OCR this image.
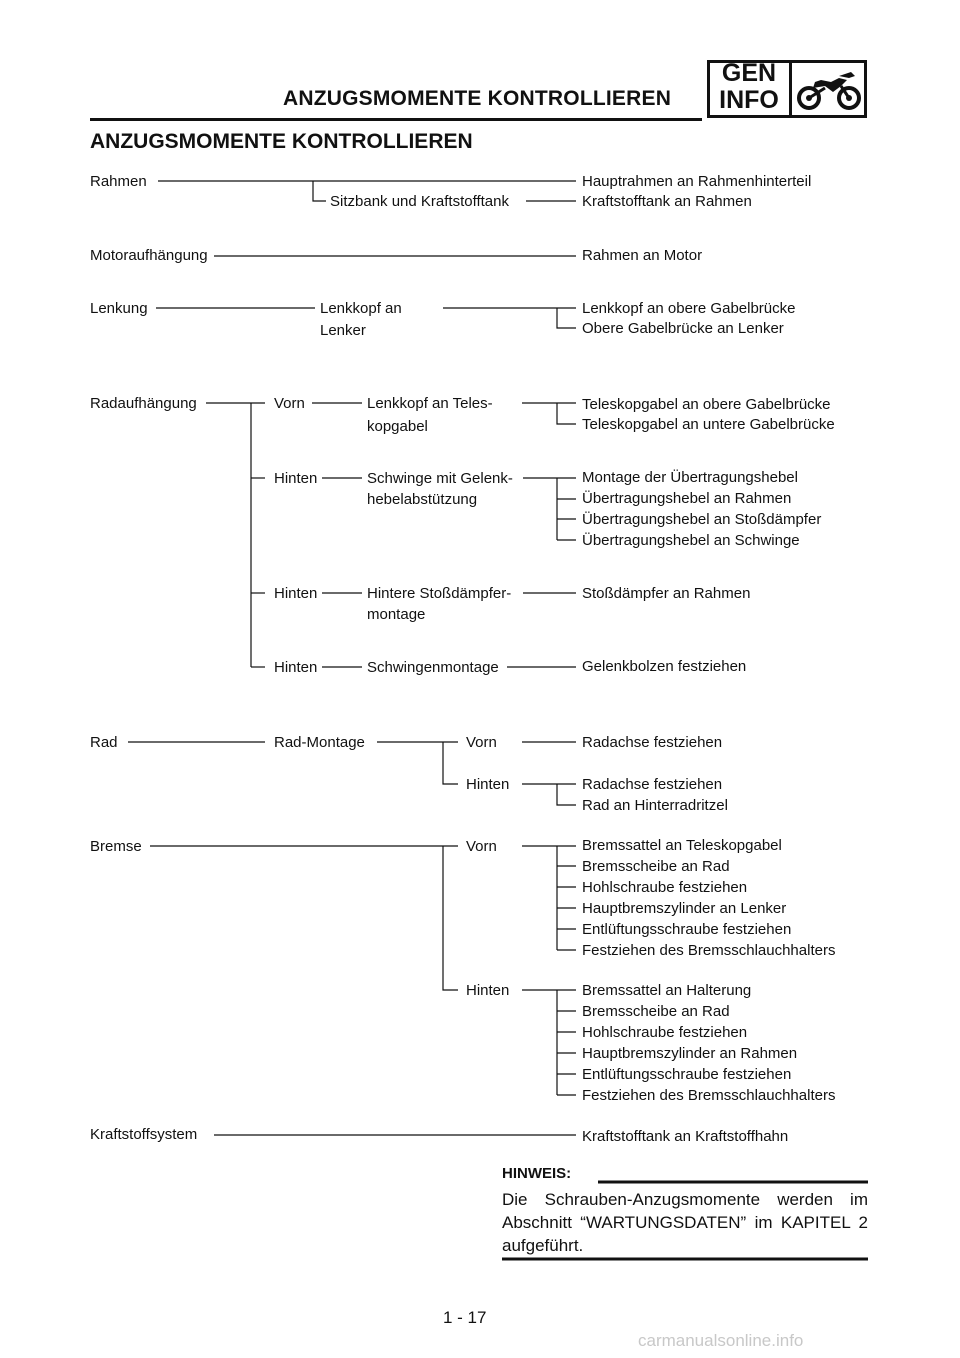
ANZUGSMOMENTE KONTROLLIEREN
GEN
INFO
ANZUGSMOMENTE KONTROLLIEREN
Rahmen
Sitzbank und Kraftstofftank
Hauptrahmen an Rahmenhinterteil
Kraftstofftank an Rahmen
Motoraufhängung	Rahmen an Motor
Lenkung	Lenkkopf an
Lenker
Lenkkopf an obere Gabelbrücke
Obere Gabelbrücke an Lenker
Radaufhängung	Vorn	Lenkkopf an Teles-
kopgabel
Teleskopgabel an obere Gabelbrücke
Teleskopgabel an untere Gabelbrücke
Hinten	Schwinge mit Gelenk-
hebelabstützung
Montage der Übertragungshebel
Übertragungshebel an Rahmen
Übertragungshebel an Stoßdämpfer
Übertragungshebel an Schwinge
Hinten	Hintere Stoßdämpfer-
montage
Stoßdämpfer an Rahmen
Hinten	Schwingenmontage	Gelenkbolzen festziehen
Rad	Rad-Montage	Vorn
Hinten
Radachse festziehen
Radachse festziehen
Rad an Hinterradritzel
Bremse	Vorn	Bremssattel an Teleskopgabel
Bremsscheibe an Rad
Hohlschraube festziehen
Hauptbremszylinder an Lenker
Entlüftungsschraube festziehen
Festziehen des Bremsschlauchhalters
Hinten	Bremssattel an Halterung
Bremsscheibe an Rad
Hohlschraube festziehen
Hauptbremszylinder an Rahmen
Entlüftungsschraube festziehen
Festziehen des Bremsschlauchhalters
Kraftstoffsystem	Kraftstofftank an Kraftstoffhahn
HINWEIS:
Die Schrauben-Anzugsmomente werden im Abschnitt “WARTUNGSDATEN” im KAPITEL 2 aufgeführt.
1 - 17
carmanualsonline.info
